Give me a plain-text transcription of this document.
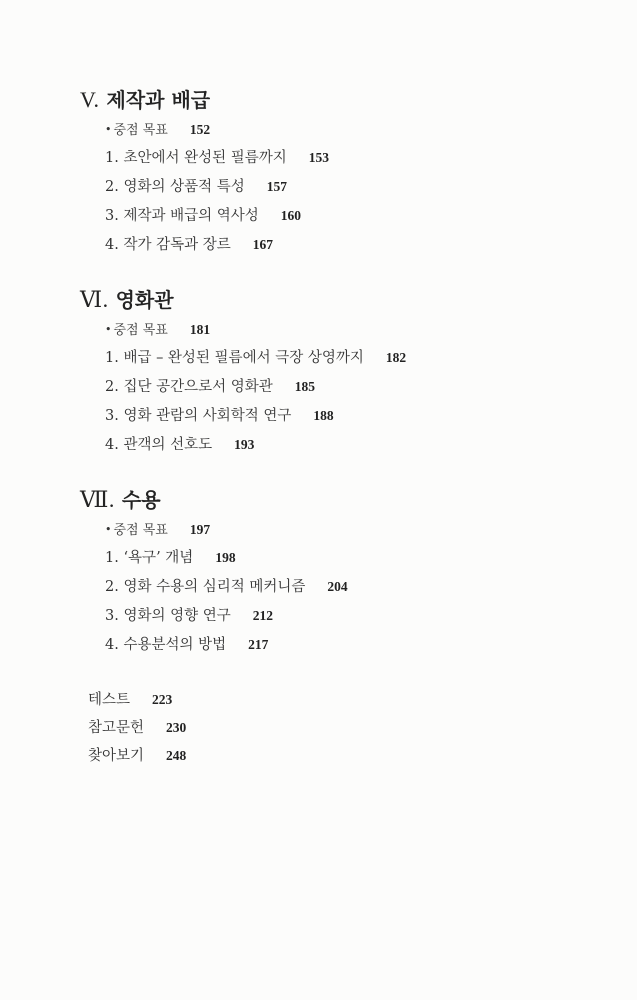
V. 제작과 배급
• 중점 목표 152
1. 초안에서 완성된 필름까지 153
2. 영화의 상품적 특성 157
3. 제작과 배급의 역사성 160
4. 작가 감독과 장르 167
Ⅵ. 영화관
• 중점 목표 181
1. 배급 – 완성된 필름에서 극장 상영까지 182
2. 집단 공간으로서 영화관 185
3. 영화 관람의 사회학적 연구 188
4. 관객의 선호도 193
Ⅶ. 수용
• 중점 목표 197
1. ‘욕구’ 개념 198
2. 영화 수용의 심리적 메커니즘 204
3. 영화의 영향 연구 212
4. 수용분석의 방법 217
테스트 223
참고문헌 230
찾아보기 248
